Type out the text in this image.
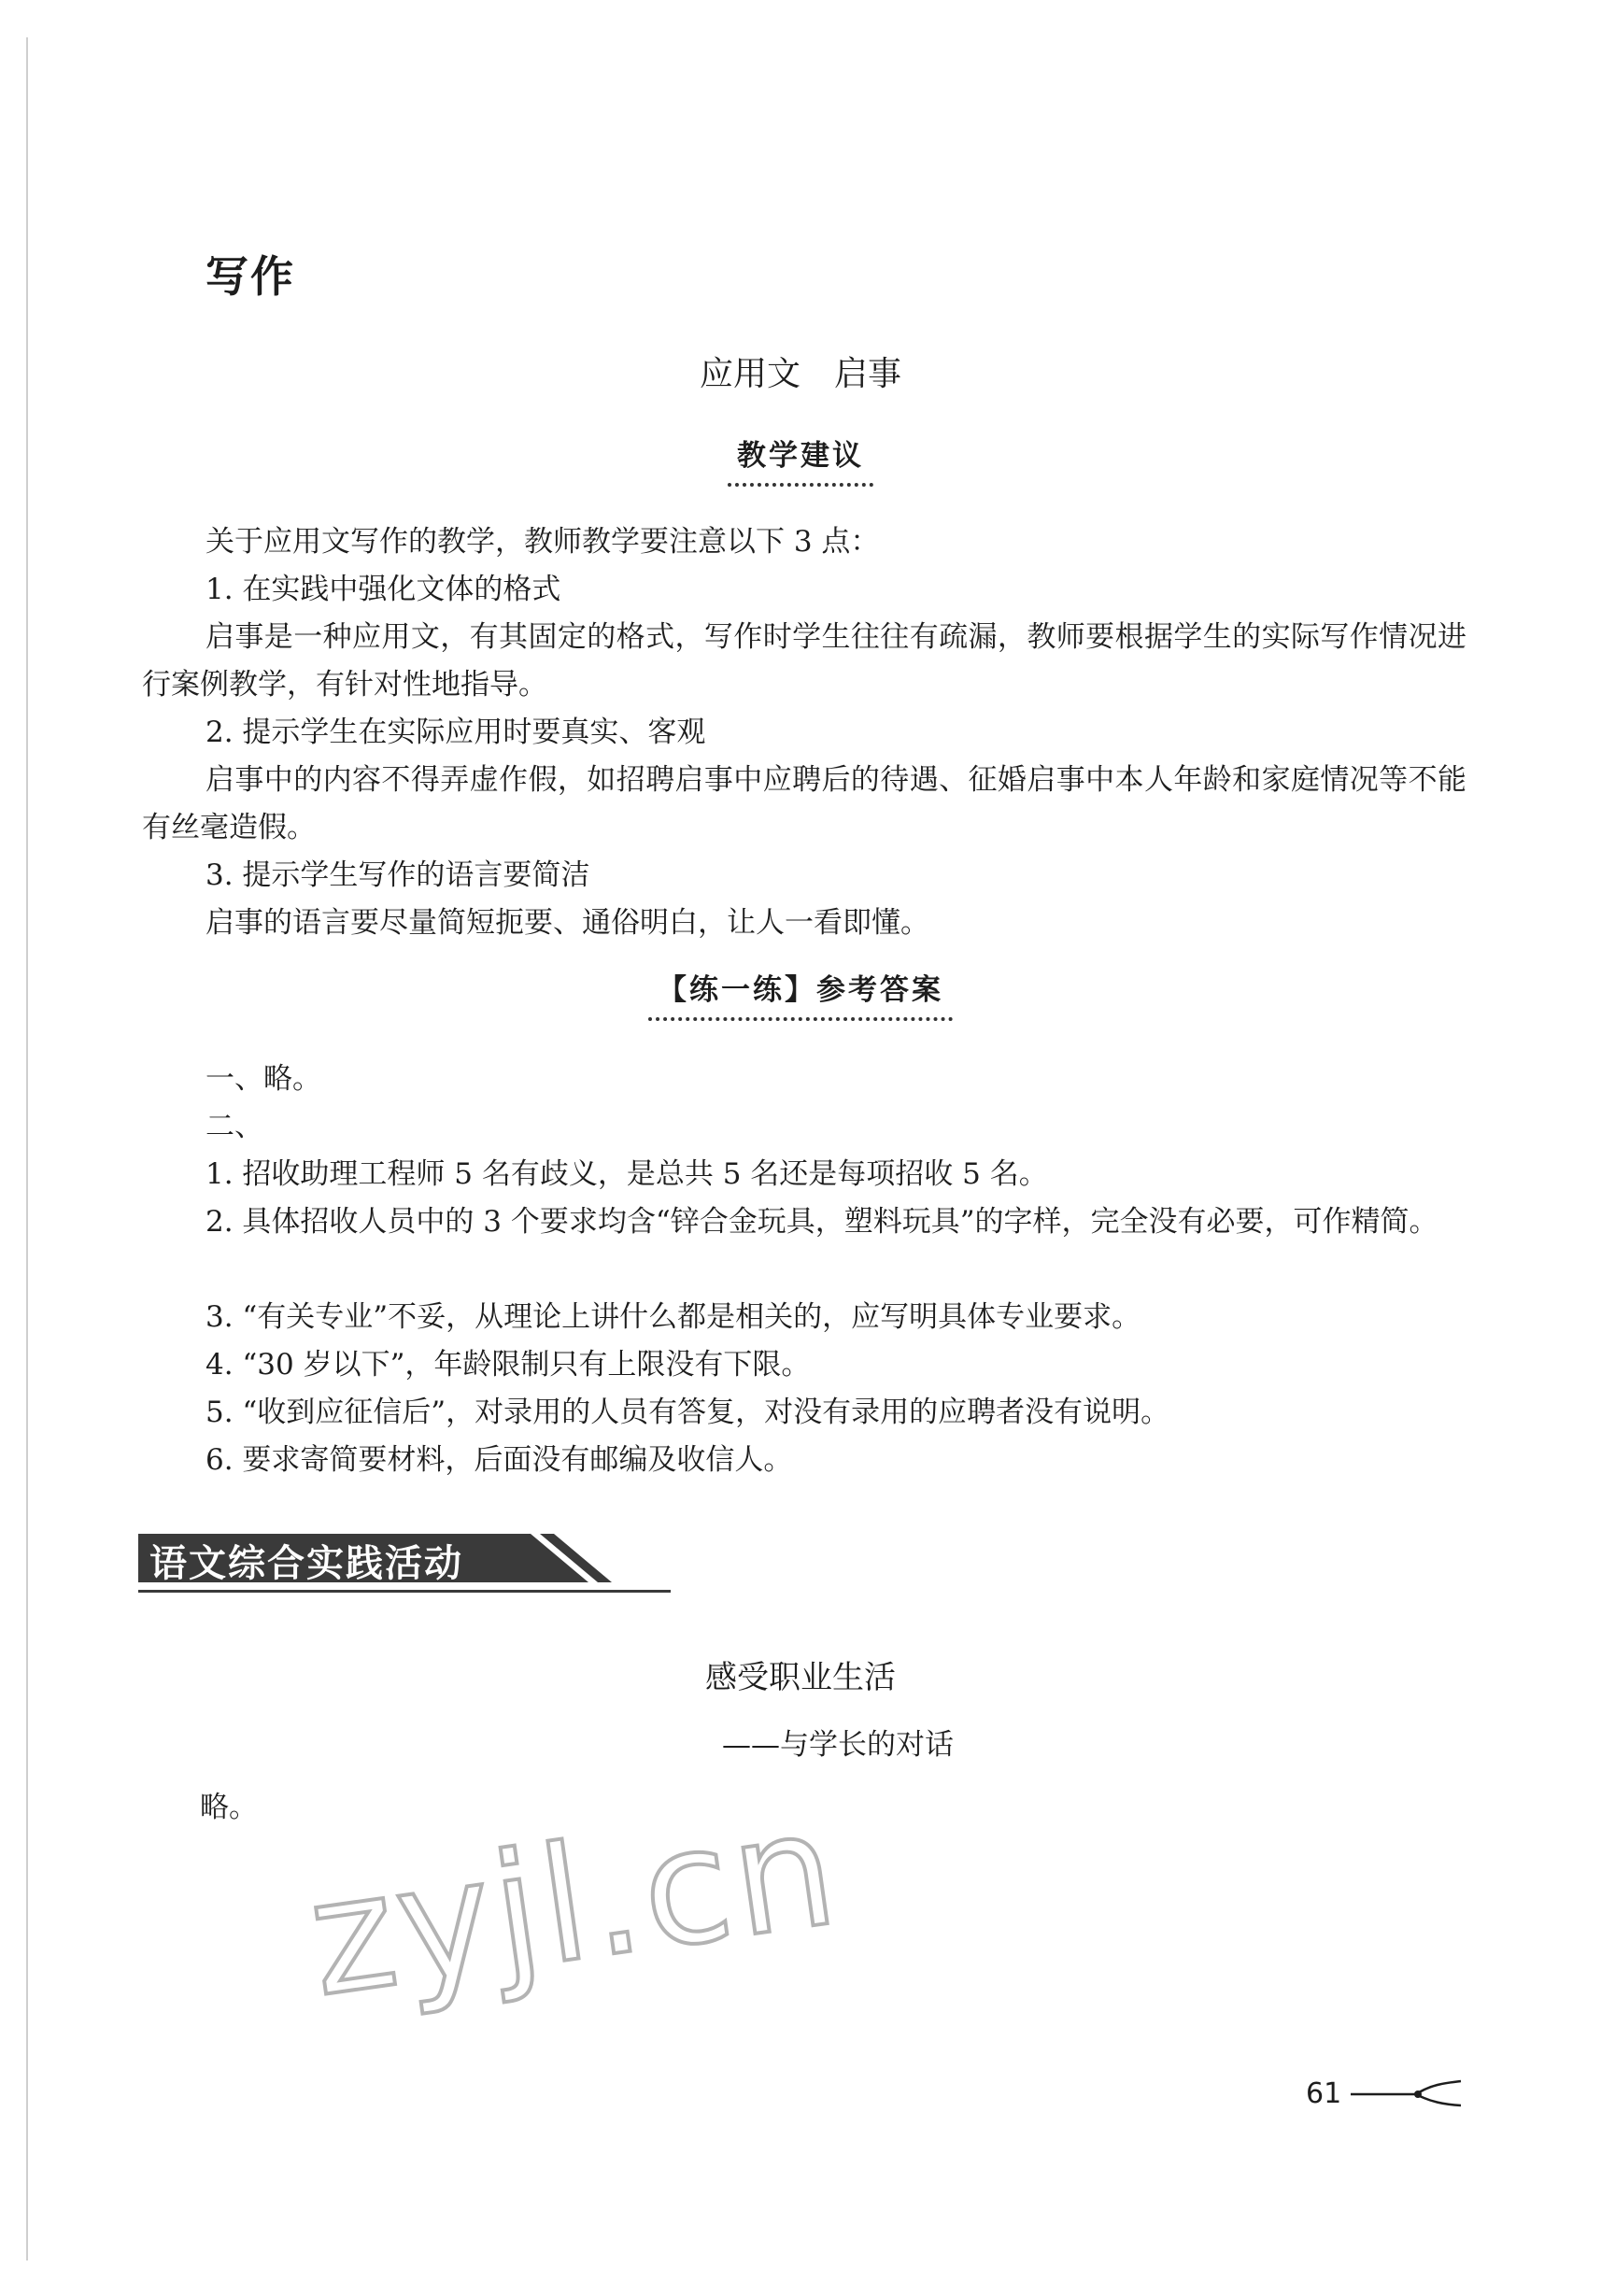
写作
应用文　启事
教学建议
关于应用文写作的教学，教师教学要注意以下 3 点：
1. 在实践中强化文体的格式
启事是一种应用文，有其固定的格式，写作时学生往往有疏漏，教师要根据学生的实际写作情况进行案例教学，有针对性地指导。
2. 提示学生在实际应用时要真实、客观
启事中的内容不得弄虚作假，如招聘启事中应聘后的待遇、征婚启事中本人年龄和家庭情况等不能有丝毫造假。
3. 提示学生写作的语言要简洁
启事的语言要尽量简短扼要、通俗明白，让人一看即懂。
【练一练】参考答案
一、略。
二、
1. 招收助理工程师 5 名有歧义，是总共 5 名还是每项招收 5 名。
2. 具体招收人员中的 3 个要求均含“锌合金玩具，塑料玩具”的字样，完全没有必要，可作精简。
3. “有关专业”不妥，从理论上讲什么都是相关的，应写明具体专业要求。
4. “30 岁以下”，年龄限制只有上限没有下限。
5. “收到应征信后”，对录用的人员有答复，对没有录用的应聘者没有说明。
6. 要求寄简要材料，后面没有邮编及收信人。
语文综合实践活动
感受职业生活
——与学长的对话
略。 zyjl.cn
61
